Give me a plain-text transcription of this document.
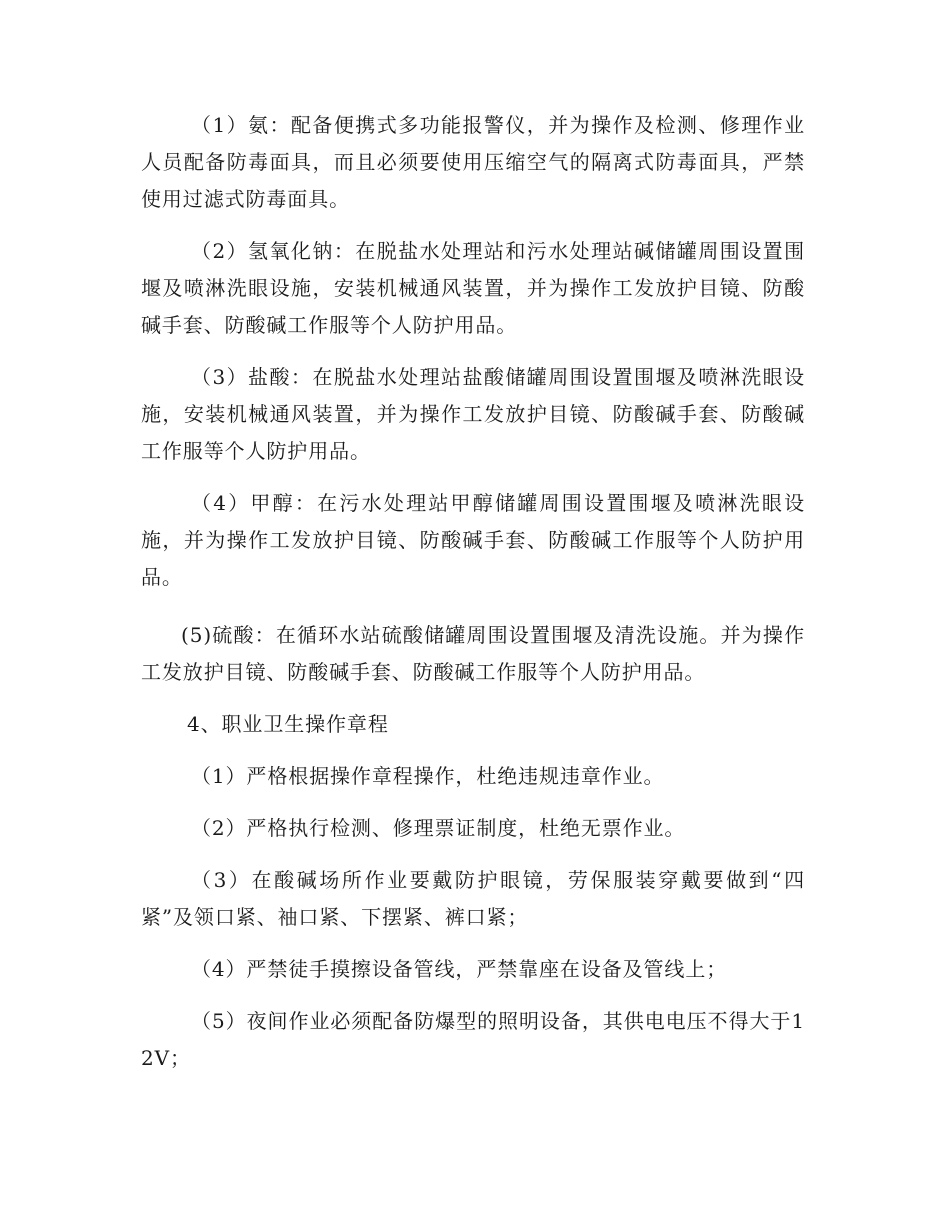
（1）氨：配备便携式多功能报警仪，并为操作及检测、修理作业人员配备防毒面具，而且必须要使用压缩空气的隔离式防毒面具，严禁使用过滤式防毒面具。

（2）氢氧化钠：在脱盐水处理站和污水处理站碱储罐周围设置围堰及喷淋洗眼设施，安装机械通风装置，并为操作工发放护目镜、防酸碱手套、防酸碱工作服等个人防护用品。

（3）盐酸：在脱盐水处理站盐酸储罐周围设置围堰及喷淋洗眼设施，安装机械通风装置，并为操作工发放护目镜、防酸碱手套、防酸碱工作服等个人防护用品。

（4）甲醇：在污水处理站甲醇储罐周围设置围堰及喷淋洗眼设施，并为操作工发放护目镜、防酸碱手套、防酸碱工作服等个人防护用品。

(5)硫酸：在循环水站硫酸储罐周围设置围堰及清洗设施。并为操作工发放护目镜、防酸碱手套、防酸碱工作服等个人防护用品。

4、职业卫生操作章程

（1）严格根据操作章程操作，杜绝违规违章作业。

（2）严格执行检测、修理票证制度，杜绝无票作业。

（3）在酸碱场所作业要戴防护眼镜，劳保服装穿戴要做到“四紧”及领口紧、袖口紧、下摆紧、裤口紧；

（4）严禁徒手摸擦设备管线，严禁靠座在设备及管线上；

（5）夜间作业必须配备防爆型的照明设备，其供电电压不得大于12V；
